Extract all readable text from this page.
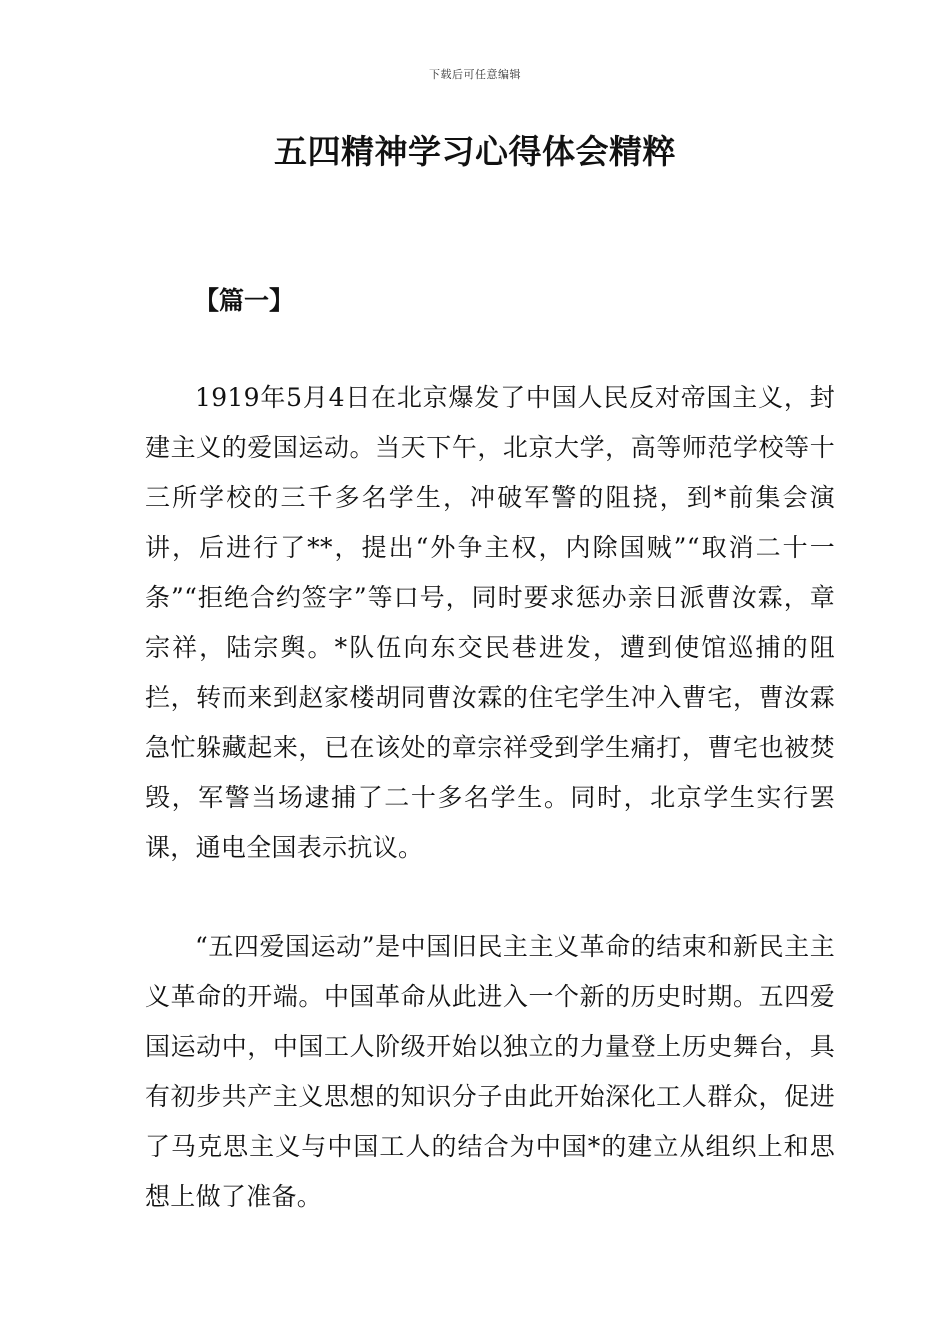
下载后可任意编辑
五四精神学习心得体会精粹
【篇一】

1919年5月4日在北京爆发了中国人民反对帝国主义，封建主义的爱国运动。当天下午，北京大学，高等师范学校等十三所学校的三千多名学生，冲破军警的阻挠，到*前集会演讲，后进行了**，提出“外争主权，内除国贼”“取消二十一条”“拒绝合约签字”等口号，同时要求惩办亲日派曹汝霖，章宗祥，陆宗舆。*队伍向东交民巷进发，遭到使馆巡捕的阻拦，转而来到赵家楼胡同曹汝霖的住宅学生冲入曹宅，曹汝霖急忙躲藏起来，已在该处的章宗祥受到学生痛打，曹宅也被焚毁，军警当场逮捕了二十多名学生。同时，北京学生实行罢课，通电全国表示抗议。

“五四爱国运动”是中国旧民主主义革命的结束和新民主主义革命的开端。中国革命从此进入一个新的历史时期。五四爱国运动中，中国工人阶级开始以独立的力量登上历史舞台，具有初步共产主义思想的知识分子由此开始深化工人群众，促进了马克思主义与中国工人的结合为中国*的建立从组织上和思想上做了准备。
